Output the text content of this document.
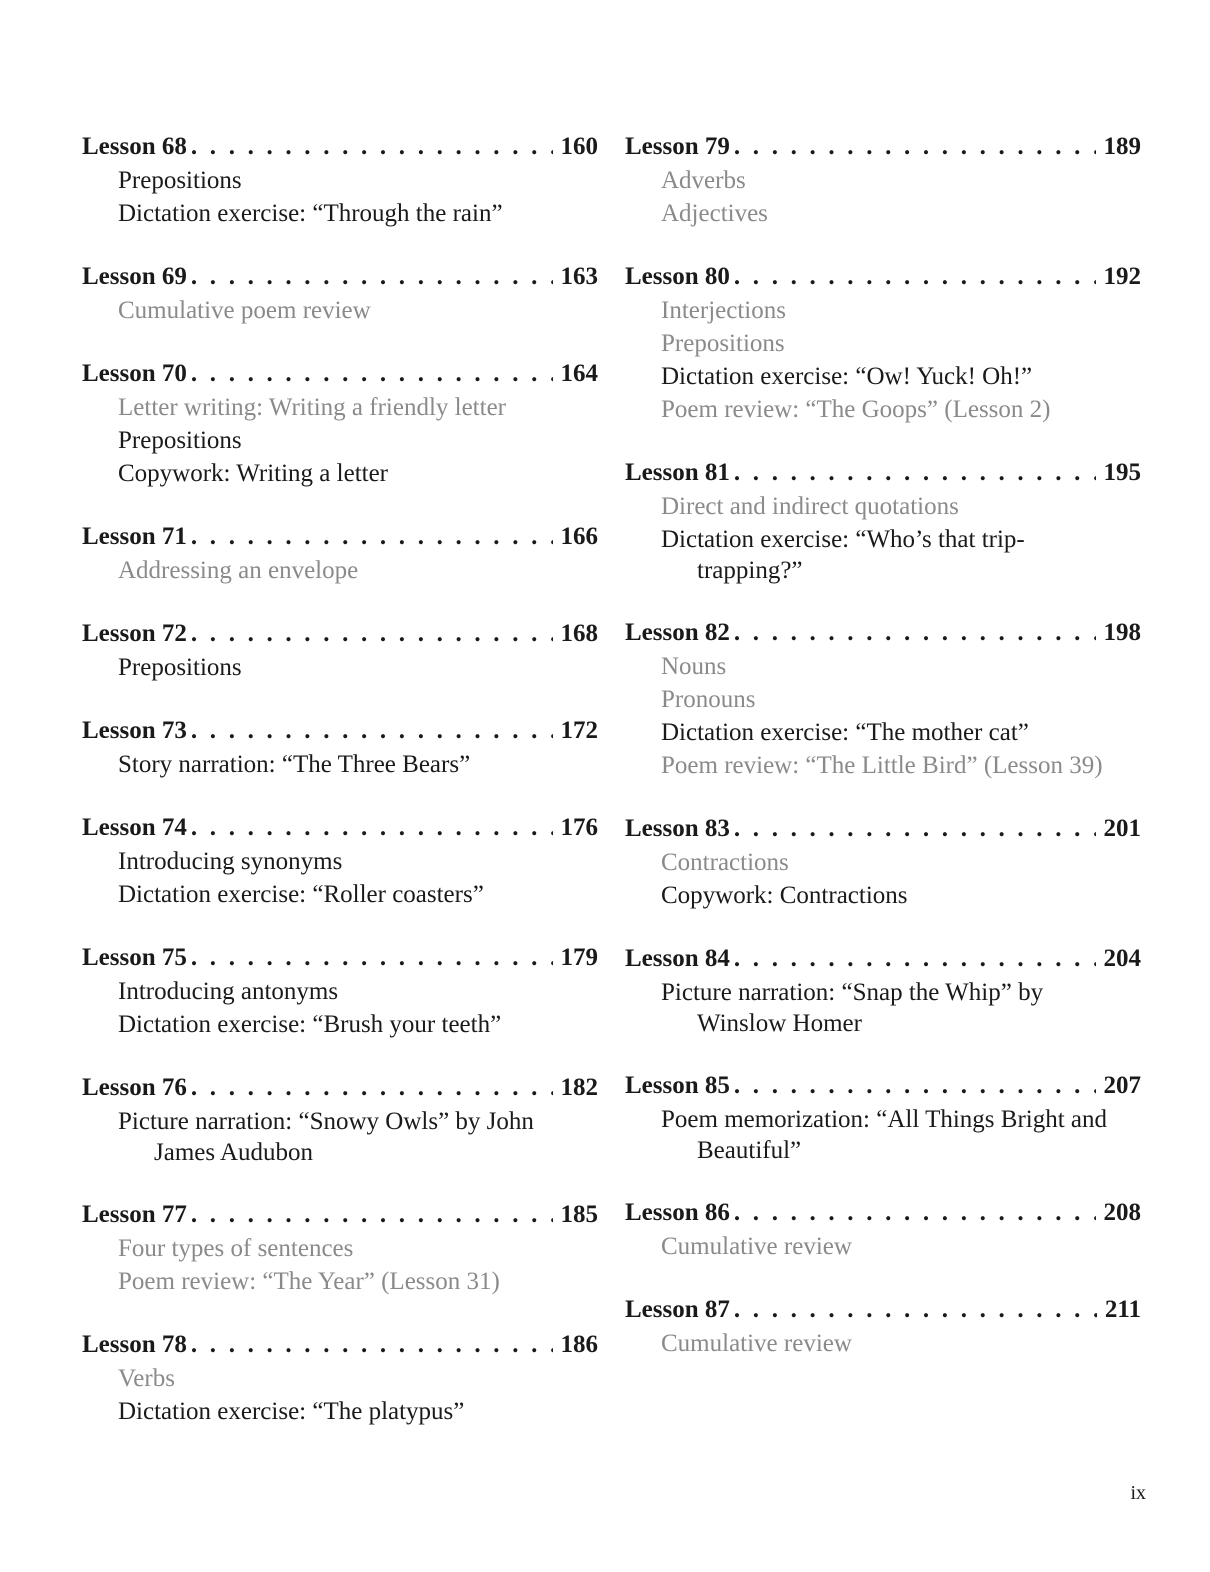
Lesson 68 . . .	160
Prepositions
Dictation exercise: “Through the rain”
Lesson 69 . . .	163
Cumulative poem review
Lesson 70 . . .	164
Letter writing: Writing a friendly letter
Prepositions
Copywork: Writing a letter
Lesson 71 . . .	166
Addressing an envelope
Lesson 72 . . .	168
Prepositions
Lesson 73 . . .	172
Story narration: “The Three Bears”
Lesson 74 . . .	176
Introducing synonyms
Dictation exercise: “Roller coasters”
Lesson 75 . . .	179
Introducing antonyms
Dictation exercise: “Brush your teeth”
Lesson 76 . . .	182
Picture narration: “Snowy Owls” by John
James Audubon
Lesson 77 . . .	185
Four types of sentences
Poem review: “The Year” (Lesson 31)
Lesson 78 . . .	186
Verbs
Dictation exercise: “The platypus”
Lesson 79 . . .	189
Adverbs
Adjectives
Lesson 80 . . .	192
Interjections
Prepositions
Dictation exercise: “Ow! Yuck! Oh!”
Poem review: “The Goops” (Lesson 2)
Lesson 81 . . .	195
Direct and indirect quotations
Dictation exercise: “Who’s that trip-
trapping?”
Lesson 82 . . .	198
Nouns
Pronouns
Dictation exercise: “The mother cat”
Poem review: “The Little Bird” (Lesson 39)
Lesson 83 . . .	201
Contractions
Copywork: Contractions
Lesson 84 . . .	204
Picture narration: “Snap the Whip” by
Winslow Homer
Lesson 85 . . .	207
Poem memorization: “All Things Bright and
Beautiful”
Lesson 86 . . .	208
Cumulative review
Lesson 87 . . .	211
Cumulative review
ix
